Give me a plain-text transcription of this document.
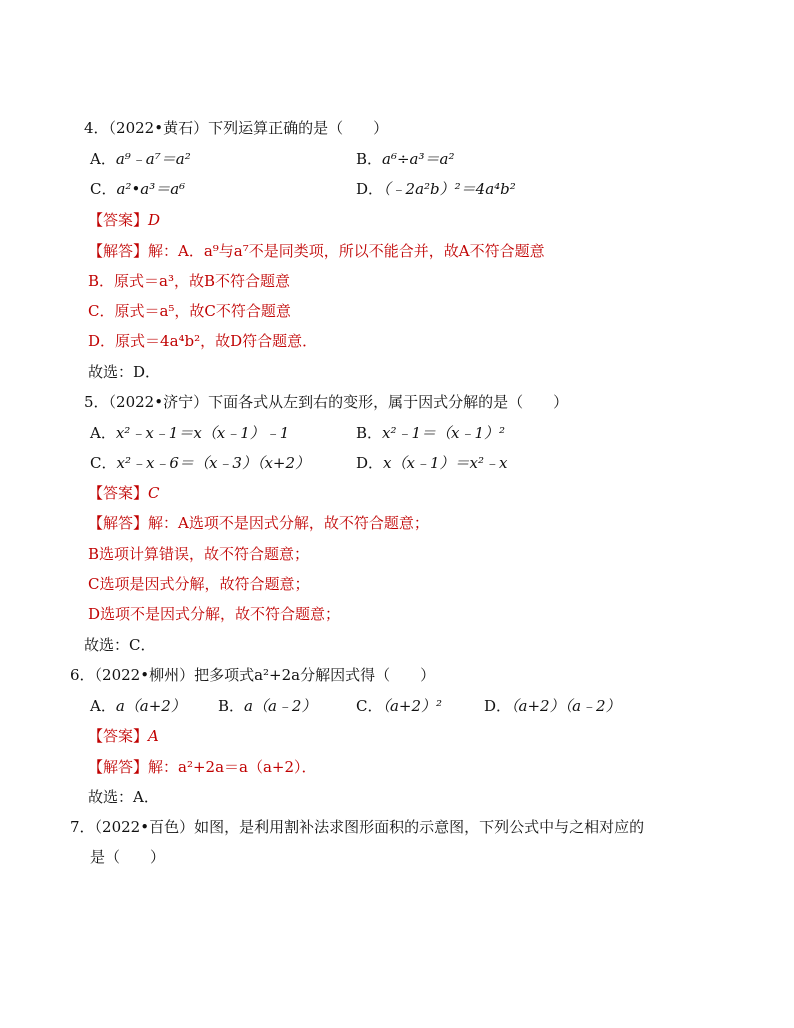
4．（2022•黄石）下列运算正确的是（　　）
A．a⁹﹣a⁷＝a²	B．a⁶÷a³＝a²
C．a²•a³＝a⁶	D．（﹣2a²b）²＝4a⁴b²
【答案】D
【解答】解：A．a⁹与a⁷不是同类项，所以不能合并，故A不符合题意
B．原式＝a³，故B不符合题意
C．原式＝a⁵，故C不符合题意
D．原式＝4a⁴b²，故D符合题意．
故选：D．
5．（2022•济宁）下面各式从左到右的变形，属于因式分解的是（　　）
A．x²﹣x﹣1＝x（x﹣1）﹣1	B．x²﹣1＝（x﹣1）²
C．x²﹣x﹣6＝（x﹣3）（x+2）	D．x（x﹣1）＝x²﹣x
【答案】C
【解答】解：A选项不是因式分解，故不符合题意；
B选项计算错误，故不符合题意；
C选项是因式分解，故符合题意；
D选项不是因式分解，故不符合题意；
故选：C．
6．（2022•柳州）把多项式a²+2a分解因式得（　　）
A．a（a+2） B．a（a﹣2）	C．（a+2）²	D．（a+2）（a﹣2）
【答案】A
【解答】解：a²+2a＝a（a+2）．
故选：A．
7．（2022•百色）如图，是利用割补法求图形面积的示意图，下列公式中与之相对应的
是（　　）
